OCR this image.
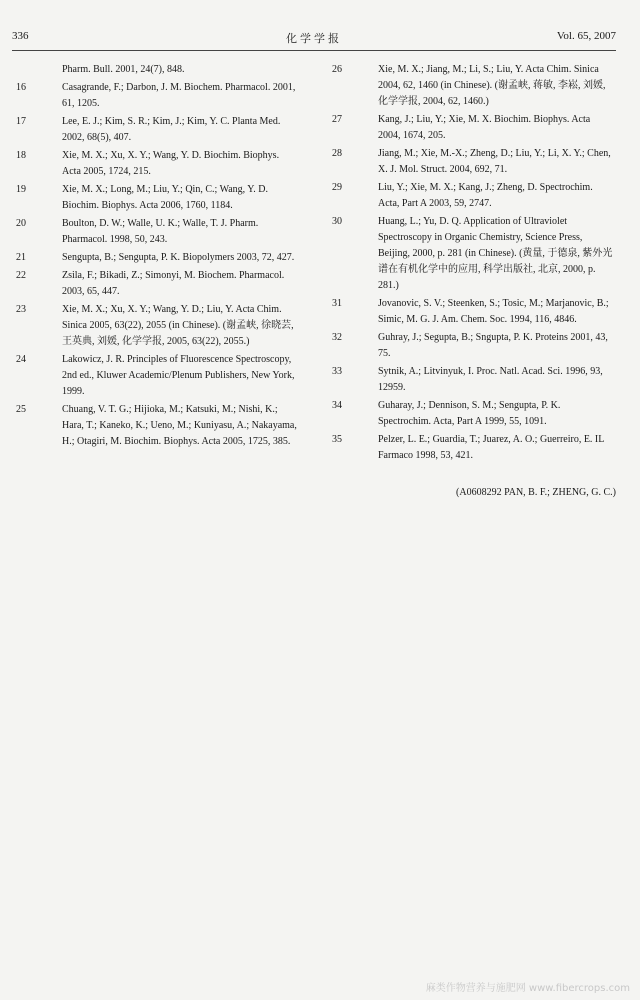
336	化学学报	Vol. 65, 2007
Pharm. Bull. 2001, 24(7), 848.
16	Casagrande, F.; Darbon, J. M. Biochem. Pharmacol. 2001, 61, 1205.
17	Lee, E. J.; Kim, S. R.; Kim, J.; Kim, Y. C. Planta Med. 2002, 68(5), 407.
18	Xie, M. X.; Xu, X. Y.; Wang, Y. D. Biochim. Biophys. Acta 2005, 1724, 215.
19	Xie, M. X.; Long, M.; Liu, Y.; Qin, C.; Wang, Y. D. Biochim. Biophys. Acta 2006, 1760, 1184.
20	Boulton, D. W.; Walle, U. K.; Walle, T. J. Pharm. Pharmacol. 1998, 50, 243.
21	Sengupta, B.; Sengupta, P. K. Biopolymers 2003, 72, 427.
22	Zsila, F.; Bikadi, Z.; Simonyi, M. Biochem. Pharmacol. 2003, 65, 447.
23	Xie, M. X.; Xu, X. Y.; Wang, Y. D.; Liu, Y. Acta Chim. Sinica 2005, 63(22), 2055 (in Chinese). (谢孟峡, 徐晓芸, 王英典, 刘媛, 化学学报, 2005, 63(22), 2055.)
24	Lakowicz, J. R. Principles of Fluorescence Spectroscopy, 2nd ed., Kluwer Academic/Plenum Publishers, New York, 1999.
25	Chuang, V. T. G.; Hijioka, M.; Katsuki, M.; Nishi, K.; Hara, T.; Kaneko, K.; Ueno, M.; Kuniyasu, A.; Nakayama, H.; Otagiri, M. Biochim. Biophys. Acta 2005, 1725, 385.
26	Xie, M. X.; Jiang, M.; Li, S.; Liu, Y. Acta Chim. Sinica 2004, 62, 1460 (in Chinese). (谢孟峡, 蒋敏, 李崧, 刘媛, 化学学报, 2004, 62, 1460.)
27	Kang, J.; Liu, Y.; Xie, M. X. Biochim. Biophys. Acta 2004, 1674, 205.
28	Jiang, M.; Xie, M.-X.; Zheng, D.; Liu, Y.; Li, X. Y.; Chen, X. J. Mol. Struct. 2004, 692, 71.
29	Liu, Y.; Xie, M. X.; Kang, J.; Zheng, D. Spectrochim. Acta, Part A 2003, 59, 2747.
30	Huang, L.; Yu, D. Q. Application of Ultraviolet Spectroscopy in Organic Chemistry, Science Press, Beijing, 2000, p. 281 (in Chinese). (黄量, 于德泉, 紫外光谱在有机化学中的应用, 科学出版社, 北京, 2000, p. 281.)
31	Jovanovic, S. V.; Steenken, S.; Tosic, M.; Marjanovic, B.; Simic, M. G. J. Am. Chem. Soc. 1994, 116, 4846.
32	Guhray, J.; Segupta, B.; Sngupta, P. K. Proteins 2001, 43, 75.
33	Sytnik, A.; Litvinyuk, I. Proc. Natl. Acad. Sci. 1996, 93, 12959.
34	Guharay, J.; Dennison, S. M.; Sengupta, P. K. Spectrochim. Acta, Part A 1999, 55, 1091.
35	Pelzer, L. E.; Guardia, T.; Juarez, A. O.; Guerreiro, E. IL Farmaco 1998, 53, 421.
(A0608292 PAN, B. F.; ZHENG, G. C.)
麻类作物营养与施肥网 www.fibercrops.com
